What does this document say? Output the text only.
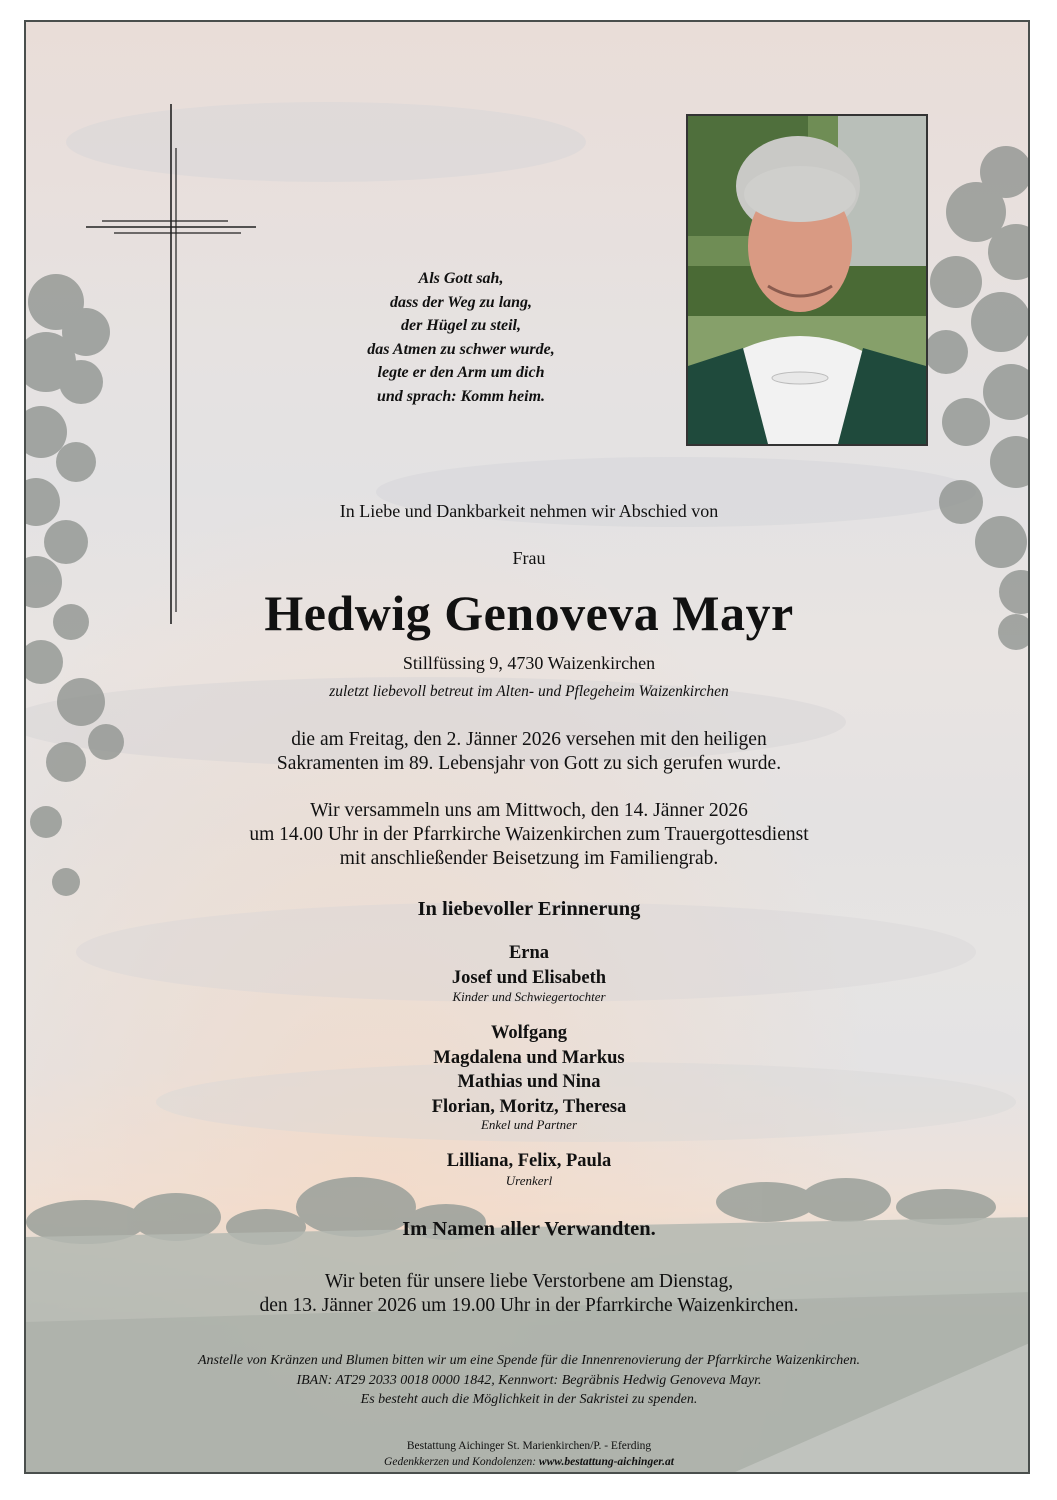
Als Gott sah,
dass der Weg zu lang,
der Hügel zu steil,
das Atmen zu schwer wurde,
legte er den Arm um dich
und sprach: Komm heim.
In Liebe und Dankbarkeit nehmen wir Abschied von
Frau
Hedwig Genoveva Mayr
Stillfüssing 9, 4730 Waizenkirchen
zuletzt liebevoll betreut im Alten- und Pflegeheim Waizenkirchen
die am Freitag, den 2. Jänner 2026 versehen mit den heiligen
Sakramenten im 89. Lebensjahr von Gott zu sich gerufen wurde.
Wir versammeln uns am Mittwoch, den 14. Jänner 2026
um 14.00 Uhr in der Pfarrkirche Waizenkirchen zum Trauergottesdienst
mit anschließender Beisetzung im Familiengrab.
In liebevoller Erinnerung
Erna
Josef und Elisabeth
Kinder und Schwiegertochter
Wolfgang
Magdalena und Markus
Mathias und Nina
Florian, Moritz, Theresa
Enkel und Partner
Lilliana, Felix, Paula
Urenkerl
Im Namen aller Verwandten.
Wir beten für unsere liebe Verstorbene am Dienstag,
den 13. Jänner 2026 um 19.00 Uhr in der Pfarrkirche Waizenkirchen.
Anstelle von Kränzen und Blumen bitten wir um eine Spende für die Innenrenovierung der Pfarrkirche Waizenkirchen.
IBAN: AT29 2033 0018 0000 1842, Kennwort: Begräbnis Hedwig Genoveva Mayr.
Es besteht auch die Möglichkeit in der Sakristei zu spenden.
Bestattung Aichinger St. Marienkirchen/P. - Eferding
Gedenkkerzen und Kondolenzen: www.bestattung-aichinger.at
